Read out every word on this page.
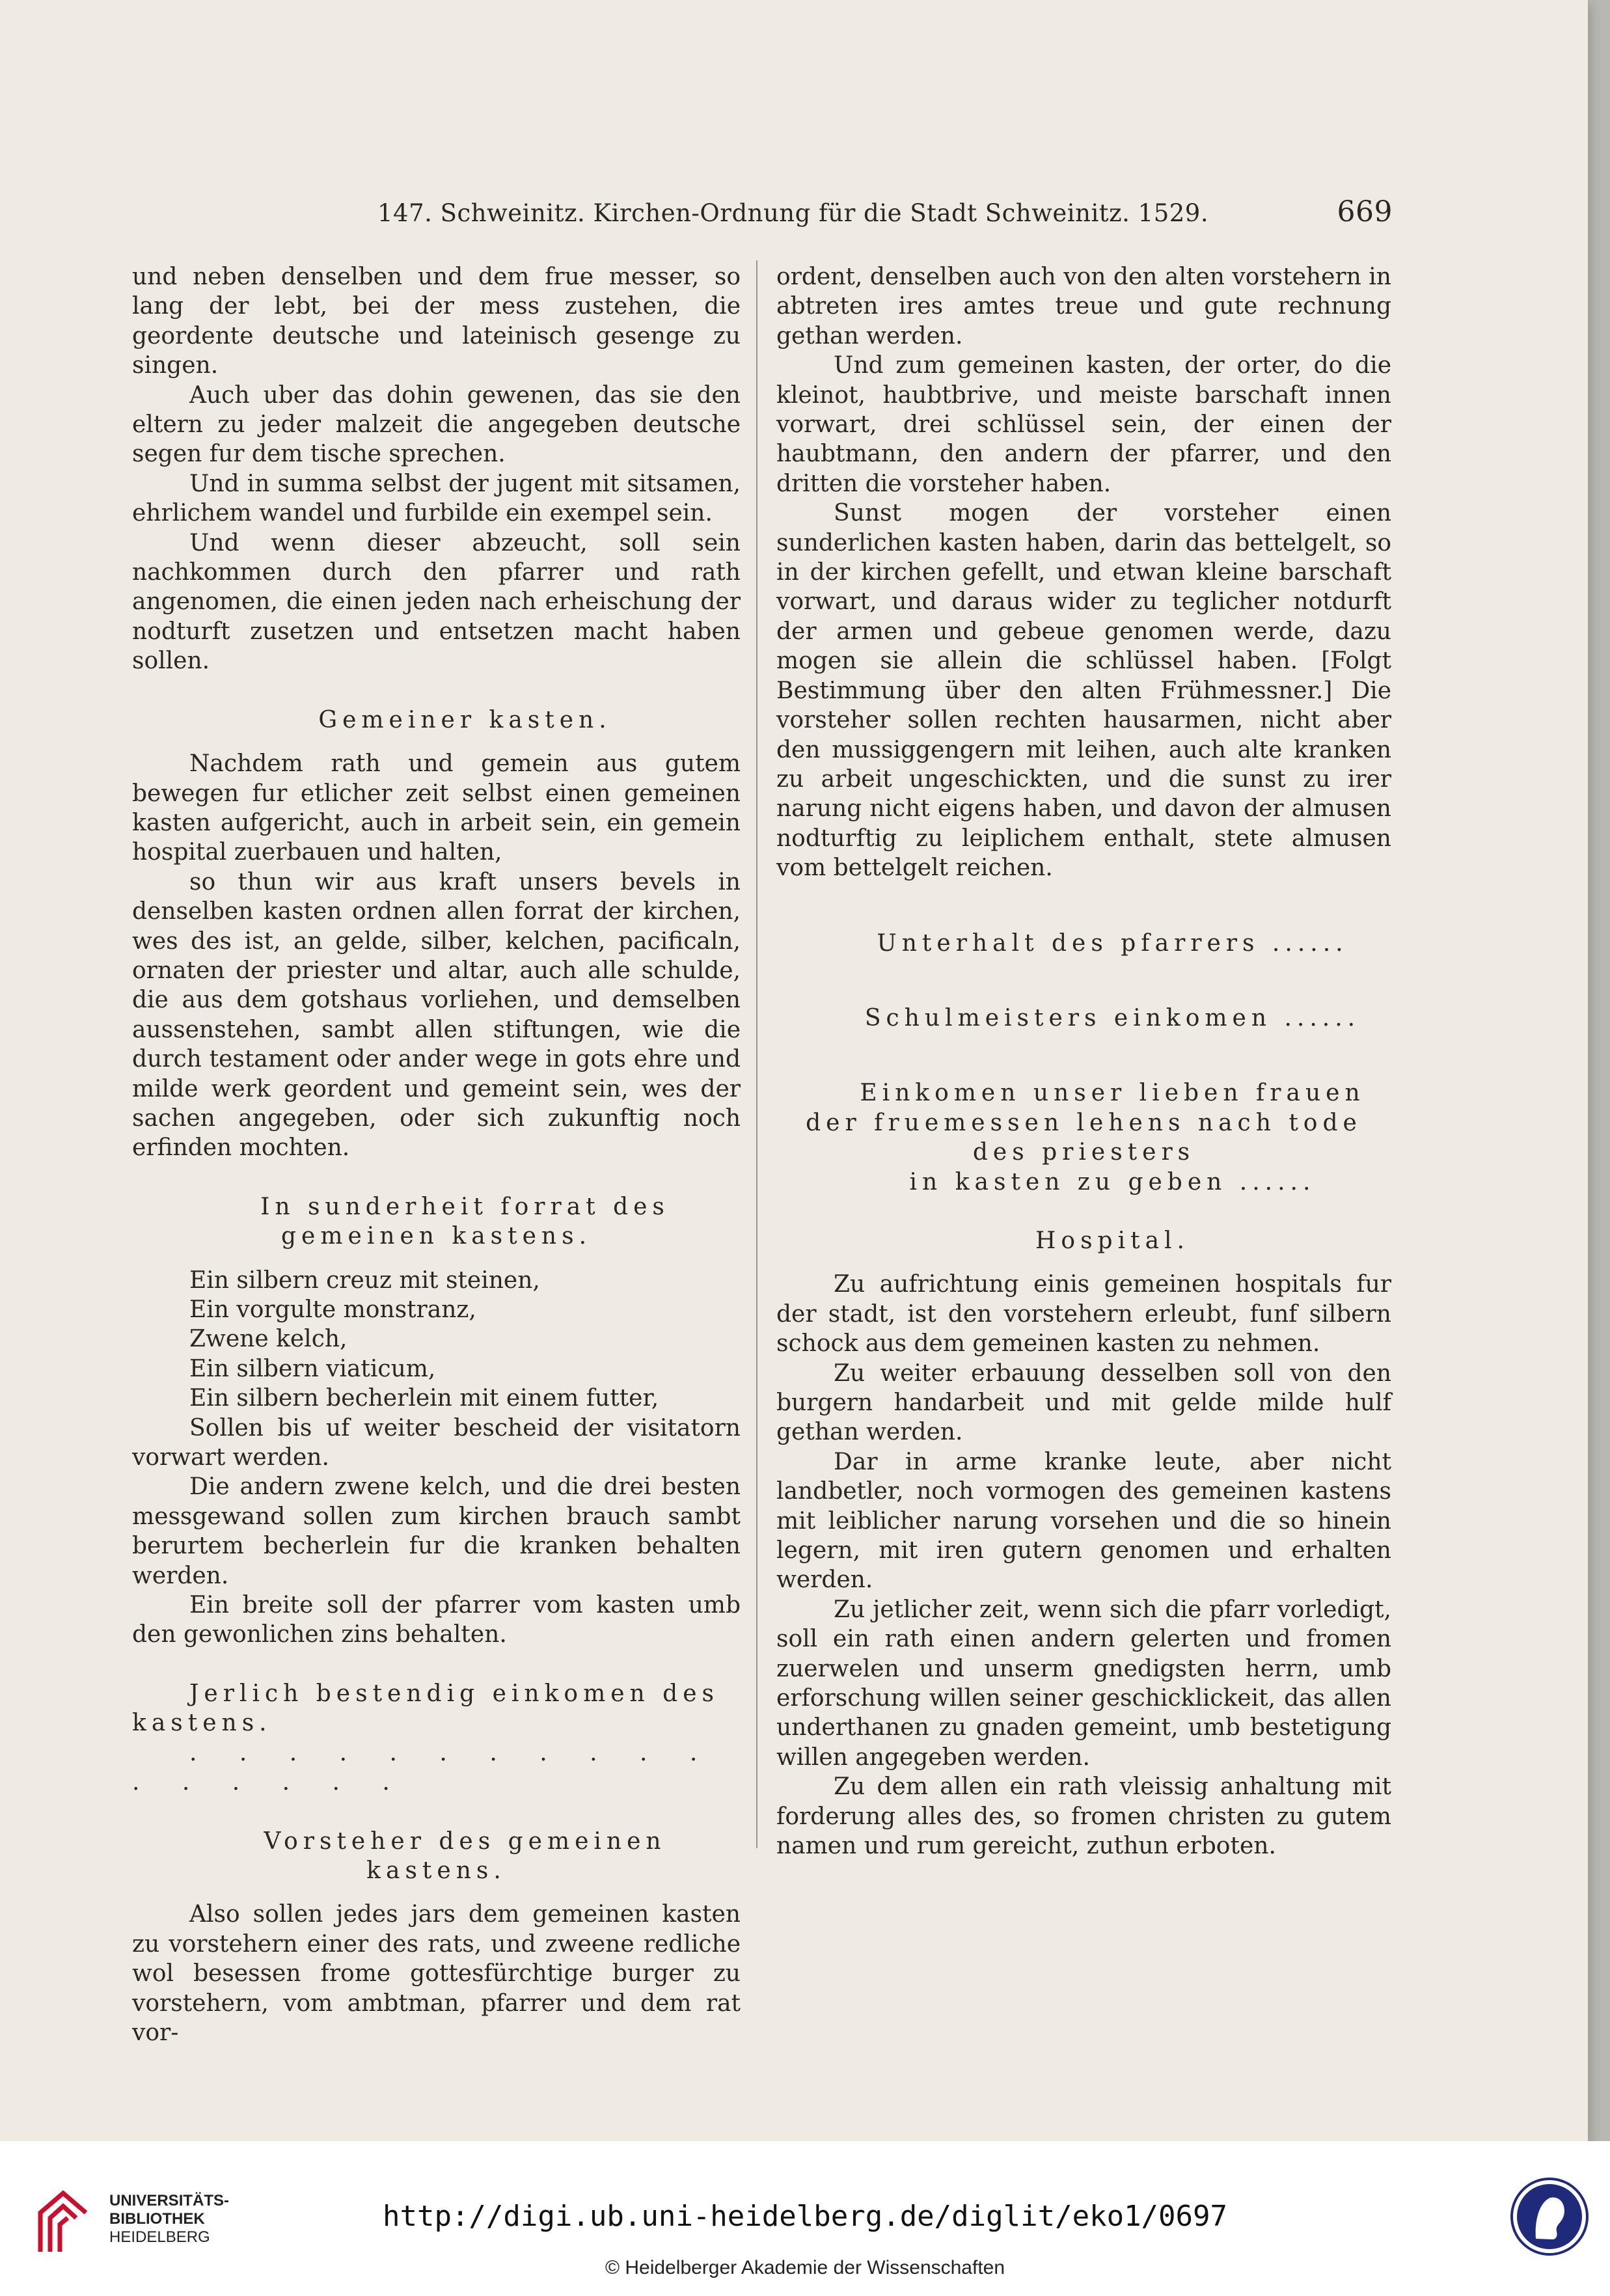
147. Schweinitz. Kirchen-Ordnung für die Stadt Schweinitz. 1529.	669

und neben denselben und dem frue messer, so lang der lebt, bei der mess zustehen, die geordente deutsche und lateinisch gesenge zu singen.

Auch uber das dohin gewenen, das sie den eltern zu jeder malzeit die angegeben deutsche segen fur dem tische sprechen.

Und in summa selbst der jugent mit sitsamen, ehrlichem wandel und furbilde ein exempel sein.

Und wenn dieser abzeucht, soll sein nachkommen durch den pfarrer und rath angenomen, die einen jeden nach erheischung der nodturft zusetzen und entsetzen macht haben sollen.

Gemeiner kasten.

Nachdem rath und gemein aus gutem bewegen fur etlicher zeit selbst einen gemeinen kasten aufgericht, auch in arbeit sein, ein gemein hospital zuerbauen und halten,

so thun wir aus kraft unsers bevels in denselben kasten ordnen allen forrat der kirchen, wes des ist, an gelde, silber, kelchen, pacificaln, ornaten der priester und altar, auch alle schulde, die aus dem gotshaus vorliehen, und demselben aussenstehen, sambt allen stiftungen, wie die durch testament oder ander wege in gots ehre und milde werk geordent und gemeint sein, wes der sachen angegeben, oder sich zukunftig noch erfinden mochten.

In sunderheit forrat des gemeinen kastens.

Ein silbern creuz mit steinen,
Ein vorgulte monstranz,
Zwene kelch,
Ein silbern viaticum,
Ein silbern becherlein mit einem futter,

Sollen bis uf weiter bescheid der visitatorn vorwart werden.

Die andern zwene kelch, und die drei besten messgewand sollen zum kirchen brauch sambt berurtem becherlein fur die kranken behalten werden.

Ein breite soll der pfarrer vom kasten umb den gewonlichen zins behalten.

Jerlich bestendig einkomen des kastens.

. . . . . . . . . . . . . . . . .

Vorsteher des gemeinen kastens.

Also sollen jedes jars dem gemeinen kasten zu vorstehern einer des rats, und zweene redliche wol besessen frome gottesfürchtige burger zu vorstehern, vom ambtman, pfarrer und dem rat vor-

ordent, denselben auch von den alten vorstehern in abtreten ires amtes treue und gute rechnung gethan werden.

Und zum gemeinen kasten, der orter, do die kleinot, haubtbrive, und meiste barschaft innen vorwart, drei schlüssel sein, der einen der haubtmann, den andern der pfarrer, und den dritten die vorsteher haben.

Sunst mogen der vorsteher einen sunderlichen kasten haben, darin das bettelgelt, so in der kirchen gefellt, und etwan kleine barschaft vorwart, und daraus wider zu teglicher notdurft der armen und gebeue genomen werde, dazu mogen sie allein die schlüssel haben. [Folgt Bestimmung über den alten Frühmessner.] Die vorsteher sollen rechten hausarmen, nicht aber den mussiggengern mit leihen, auch alte kranken zu arbeit ungeschickten, und die sunst zu irer narung nicht eigens haben, und davon der almusen nodturftig zu leiplichem enthalt, stete almusen vom bettelgelt reichen.

Unterhalt des pfarrers ......

Schulmeisters einkomen ......

Einkomen unser lieben frauen der fruemessen lehens nach tode des priesters

in kasten zu geben ......

Hospital.

Zu aufrichtung einis gemeinen hospitals fur der stadt, ist den vorstehern erleubt, funf silbern schock aus dem gemeinen kasten zu nehmen.

Zu weiter erbauung desselben soll von den burgern handarbeit und mit gelde milde hulf gethan werden.

Dar in arme kranke leute, aber nicht landbetler, noch vormogen des gemeinen kastens mit leiblicher narung vorsehen und die so hinein legern, mit iren gutern genomen und erhalten werden.

Zu jetlicher zeit, wenn sich die pfarr vorledigt, soll ein rath einen andern gelerten und fromen zuerwelen und unserm gnedigsten herrn, umb erforschung willen seiner geschicklickeit, das allen underthanen zu gnaden gemeint, umb bestetigung willen angegeben werden.

Zu dem allen ein rath vleissig anhaltung mit forderung alles des, so fromen christen zu gutem namen und rum gereicht, zuthun erboten.

UNIVERSITÄTS-
BIBLIOTHEK
HEIDELBERG
http://digi.ub.uni-heidelberg.de/diglit/eko1/0697
© Heidelberger Akademie der Wissenschaften
